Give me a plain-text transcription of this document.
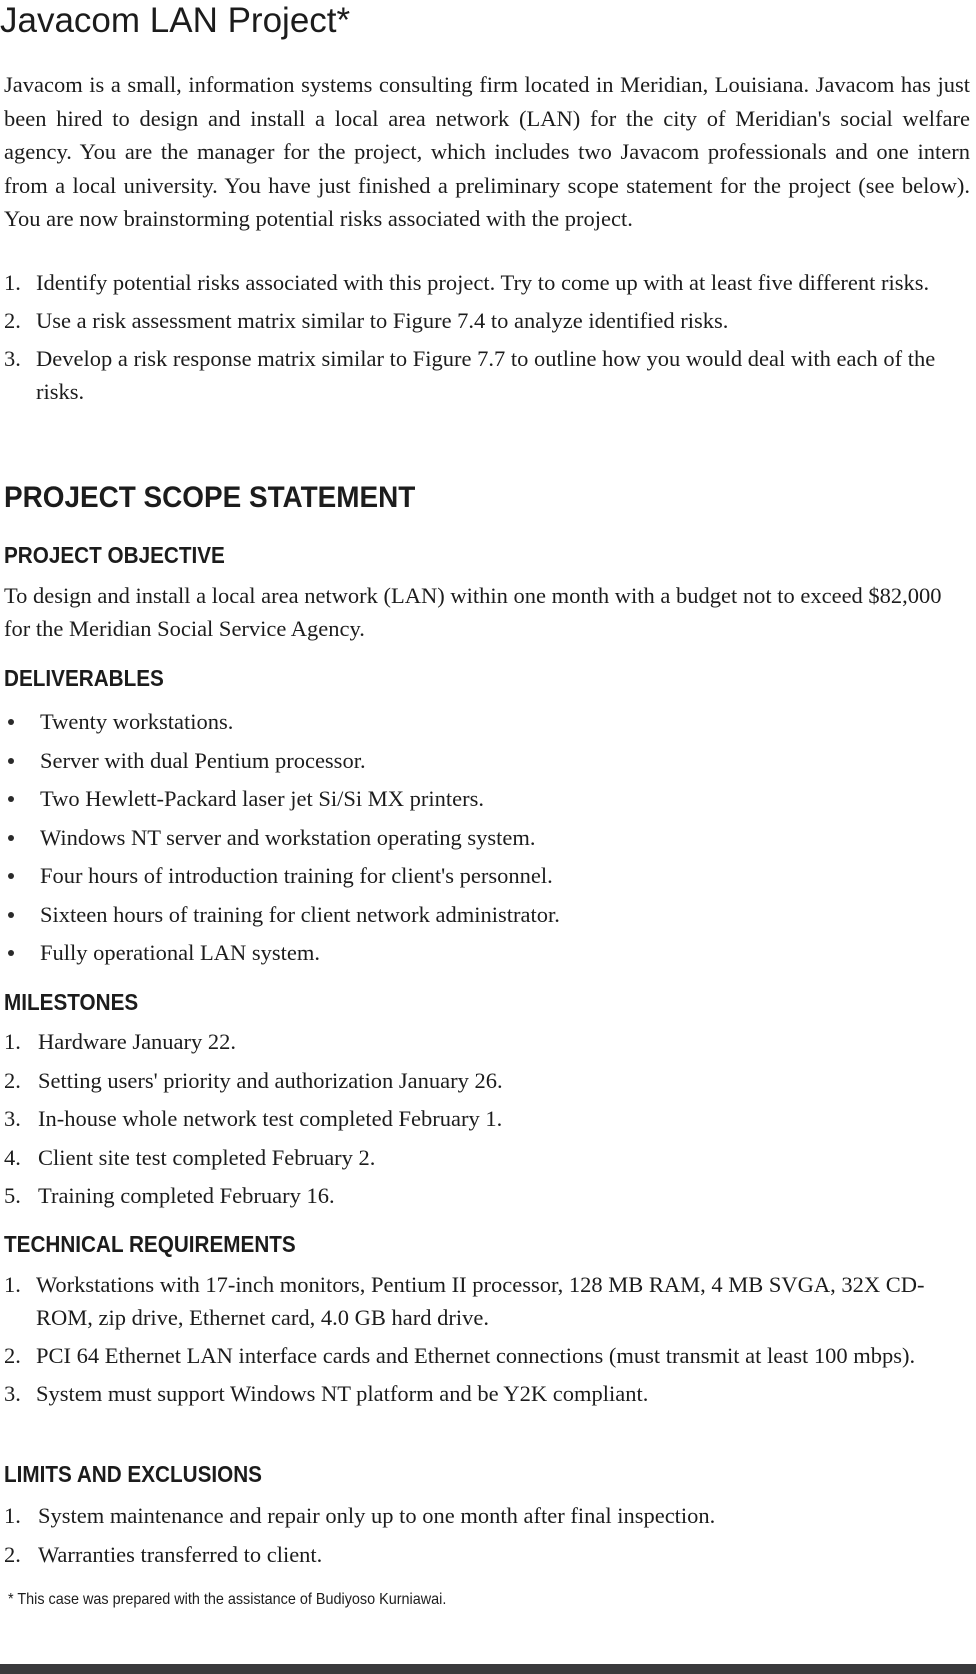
Javacom LAN Project*

Javacom is a small, information systems consulting firm located in Meridian, Louisiana. Javacom has just been hired to design and install a local area network (LAN) for the city of Meridian's social welfare agency. You are the manager for the project, which includes two Javacom professionals and one intern from a local university. You have just finished a preliminary scope statement for the project (see below). You are now brainstorming potential risks associated with the project.

1. Identify potential risks associated with this project. Try to come up with at least five different risks.
2. Use a risk assessment matrix similar to Figure 7.4 to analyze identified risks.
3. Develop a risk response matrix similar to Figure 7.7 to outline how you would deal with each of the risks.
PROJECT SCOPE STATEMENT
PROJECT OBJECTIVE

To design and install a local area network (LAN) within one month with a budget not to exceed $82,000 for the Meridian Social Service Agency.

DELIVERABLES
Twenty workstations.
Server with dual Pentium processor.
Two Hewlett-Packard laser jet Si/Si MX printers.
Windows NT server and workstation operating system.
Four hours of introduction training for client's personnel.
Sixteen hours of training for client network administrator.
Fully operational LAN system.
MILESTONES
1. Hardware January 22.
2. Setting users' priority and authorization January 26.
3. In-house whole network test completed February 1.
4. Client site test completed February 2.
5. Training completed February 16.
TECHNICAL REQUIREMENTS
1. Workstations with 17-inch monitors, Pentium II processor, 128 MB RAM, 4 MB SVGA, 32X CD-ROM, zip drive, Ethernet card, 4.0 GB hard drive.
2. PCI 64 Ethernet LAN interface cards and Ethernet connections (must transmit at least 100 mbps).
3. System must support Windows NT platform and be Y2K compliant.
LIMITS AND EXCLUSIONS
1. System maintenance and repair only up to one month after final inspection.
2. Warranties transferred to client.
* This case was prepared with the assistance of Budiyoso Kurniawai.
